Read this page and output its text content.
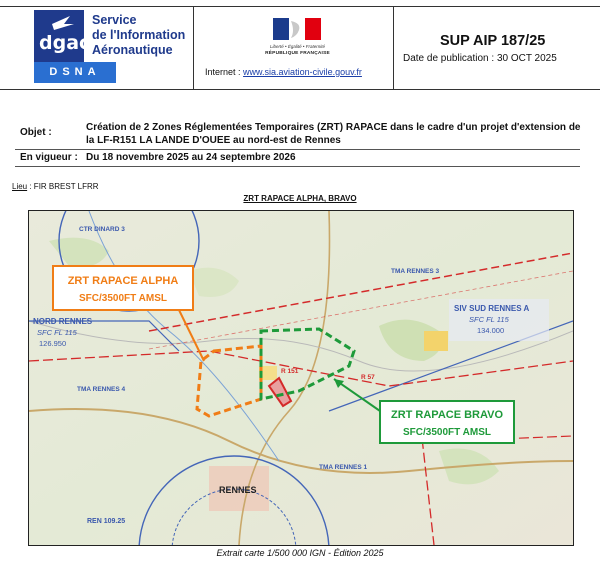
dgac
DSNA
Service
de l'Information
Aéronautique	Liberté • Égalité • Fraternité
RÉPUBLIQUE FRANÇAISE
Internet : www.sia.aviation-civile.gouv.fr
SUP AIP 187/25
Date de publication : 30 OCT 2025
Objet :	Création de 2 Zones Réglementées Temporaires (ZRT) RAPACE dans le cadre d'un projet d'extension de la LF-R151 LA LANDE D'OUEE au nord-est de Rennes
En vigueur : Du 18 novembre 2025 au 24 septembre 2026
Lieu : FIR BREST LFRR
ZRT RAPACE ALPHA, BRAVO
ZRT RAPACE ALPHA
SFC/3500FT AMSL
ZRT RAPACE BRAVO
SFC/3500FT AMSL
NORD RENNES
SFC FL 115
126.950
SIV SUD RENNES A
SFC FL 115
134.000
TMA RENNES 3
TMA RENNES 4
TMA RENNES 1
CTR DINARD 3
R 151
R 57
RENNES
REN 109.25
Extrait carte 1/500 000 IGN - Édition 2025
